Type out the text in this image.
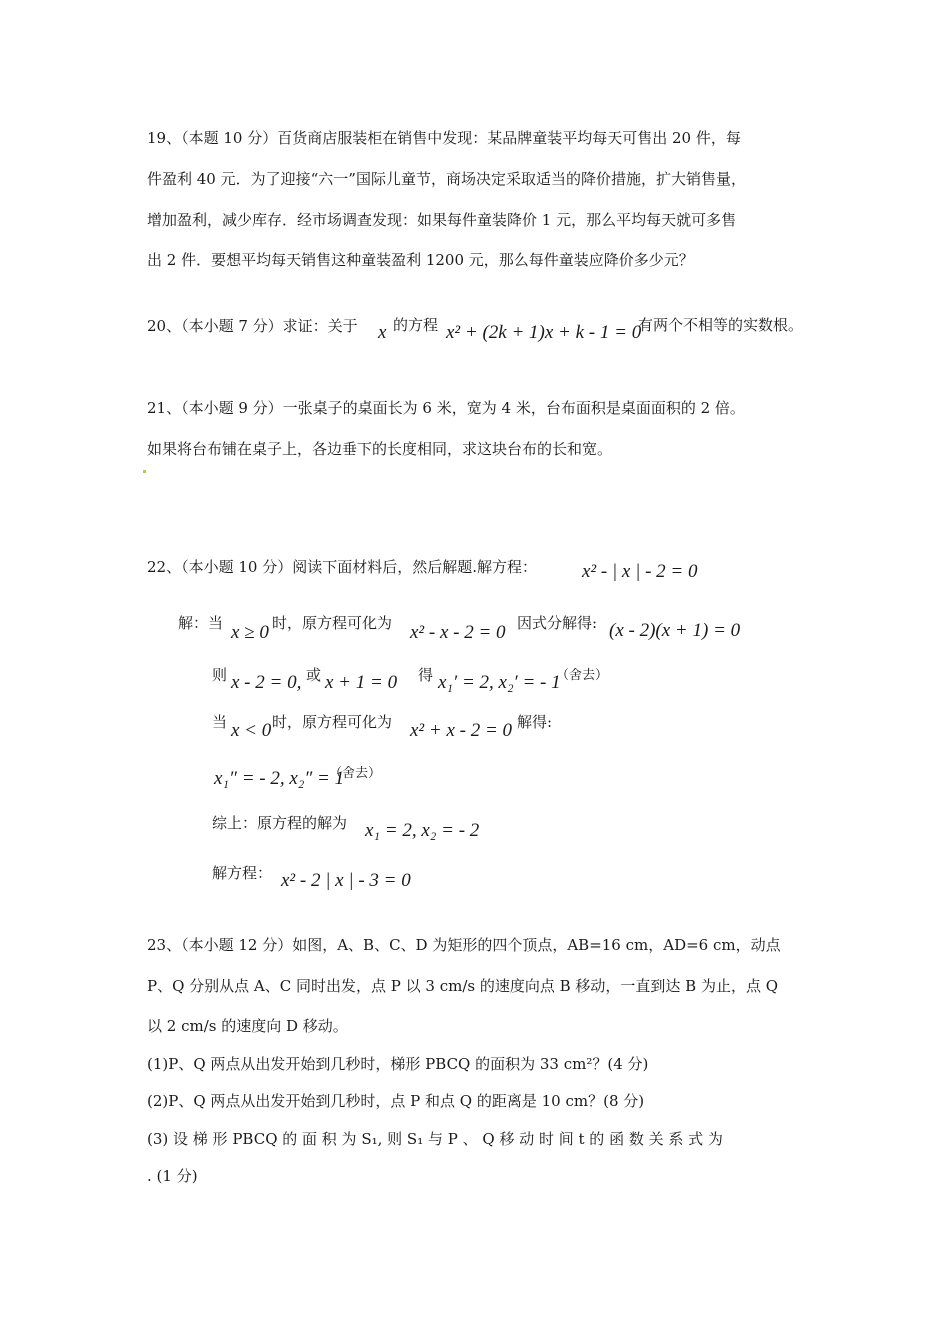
19、（本题 10 分）百货商店服装柜在销售中发现：某品牌童装平均每天可售出 20 件，每
件盈利 40 元．为了迎接“六一”国际儿童节，商场决定采取适当的降价措施，扩大销售量，
增加盈利，减少库存．经市场调查发现：如果每件童装降价 1 元，那么平均每天就可多售
出 2 件．要想平均每天销售这种童装盈利 1200 元，那么每件童装应降价多少元？
20、（本小题 7 分）求证：关于 x 的方程 x² + (2k + 1)x + k - 1 = 0
有两个不相等的实数根。
21、（本小题 9 分）一张桌子的桌面长为 6 米，宽为 4 米，台布面积是桌面面积的 2 倍。
如果将台布铺在桌子上，各边垂下的长度相同，求这块台布的长和宽。
22、（本小题 10 分）阅读下面材料后，然后解题.解方程： x² - | x | - 2 = 0
解：当 x ≥ 0 时，原方程可化为 x² - x - 2 = 0 因式分解得: (x - 2)(x + 1) = 0
则 x - 2 = 0, 或 x + 1 = 0 得 x₁′ = 2, x₂′ = - 1
（舍去）
当 x < 0 时，原方程可化为 x² + x - 2 = 0 解得:
x₁″ = - 2, x₂″ = 1
（舍去）
综上：原方程的解为 x₁ = 2, x₂ = - 2
解方程： x² - 2 | x | - 3 = 0
23、（本小题 12 分）如图，A、B、C、D 为矩形的四个顶点，AB=16 cm，AD=6 cm，动点
P、Q 分别从点 A、C 同时出发，点 P 以 3 cm/s 的速度向点 B 移动，一直到达 B 为止，点 Q
以 2 cm/s 的速度向 D 移动。
(1)P、Q 两点从出发开始到几秒时，梯形 PBCQ 的面积为 33 cm²？(4 分)
(2)P、Q 两点从出发开始到几秒时，点 P 和点 Q 的距离是 10 cm？(8 分)
(3) 设 梯 形 PBCQ 的 面 积 为 S₁, 则 S₁ 与 P 、 Q 移 动 时 间 t 的 函 数 关 系 式 为
. (1 分)
